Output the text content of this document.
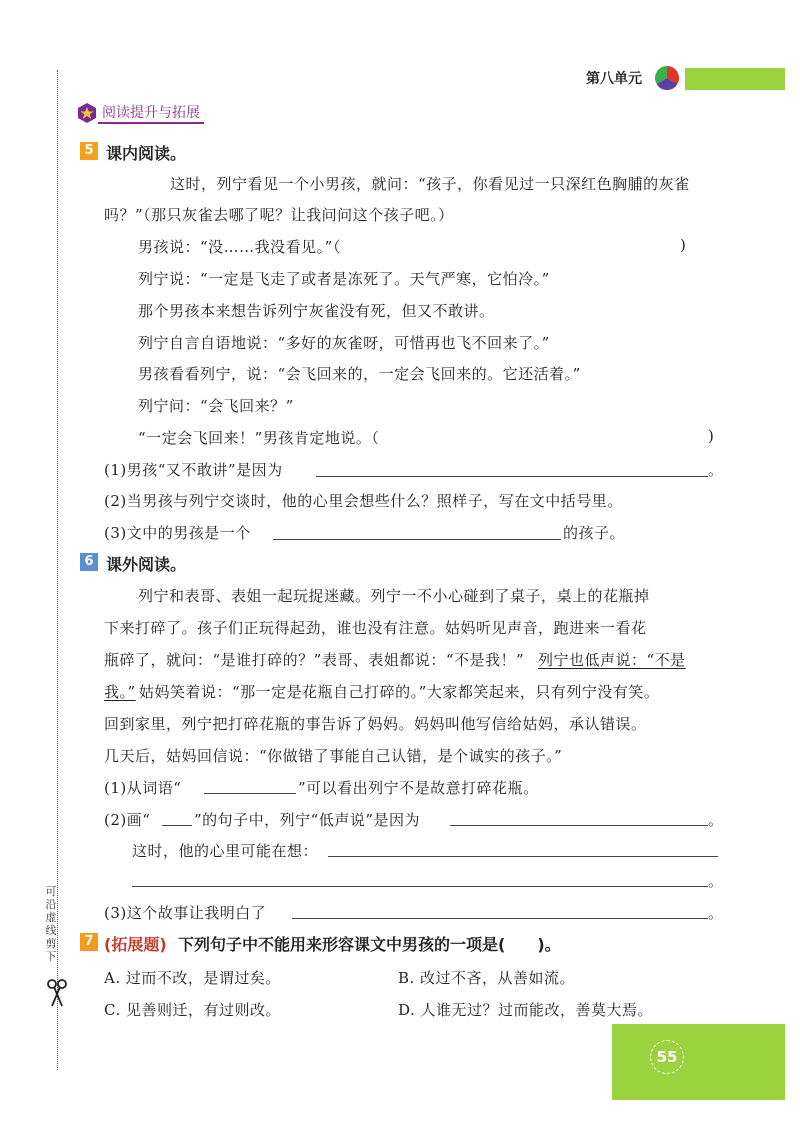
可沿虚线剪下
第八单元
阅读提升与拓展
5 课内阅读。
这时，列宁看见一个小男孩，就问：“孩子，你看见过一只深红色胸脯的灰雀
吗？”（那只灰雀去哪了呢？让我问问这个孩子吧。）
男孩说：“没……我没看见。”（	)
列宁说：“一定是飞走了或者是冻死了。天气严寒，它怕冷。”
那个男孩本来想告诉列宁灰雀没有死，但又不敢讲。
列宁自言自语地说：“多好的灰雀呀，可惜再也飞不回来了。”
男孩看看列宁，说：“会飞回来的，一定会飞回来的。它还活着。”
列宁问：“会飞回来？”
“一定会飞回来！”男孩肯定地说。（	)
(1)男孩“又不敢讲”是因为	。
(2)当男孩与列宁交谈时，他的心里会想些什么？照样子，写在文中括号里。
(3)文中的男孩是一个	的孩子。
6 课外阅读。
列宁和表哥、表姐一起玩捉迷藏。列宁一不小心碰到了桌子，桌上的花瓶掉
下来打碎了。孩子们正玩得起劲，谁也没有注意。姑妈听见声音，跑进来一看花
瓶碎了，就问：“是谁打碎的？”表哥、表姐都说：“不是我！” 列宁也低声说：“不是
我。” 姑妈笑着说：“那一定是花瓶自己打碎的。”大家都笑起来，只有列宁没有笑。
回到家里，列宁把打碎花瓶的事告诉了妈妈。妈妈叫他写信给姑妈，承认错误。
几天后，姑妈回信说：“你做错了事能自己认错，是个诚实的孩子。”
(1)从词语“	”可以看出列宁不是故意打碎花瓶。
(2)画“	”的句子中，列宁“低声说”是因为	。
这时，他的心里可能在想：
。
(3)这个故事让我明白了	。
7 (拓展题) 下列句子中不能用来形容课文中男孩的一项是(　　)。
A. 过而不改，是谓过矣。	B. 改过不吝，从善如流。
C. 见善则迁，有过则改。	D. 人谁无过？过而能改，善莫大焉。
55
